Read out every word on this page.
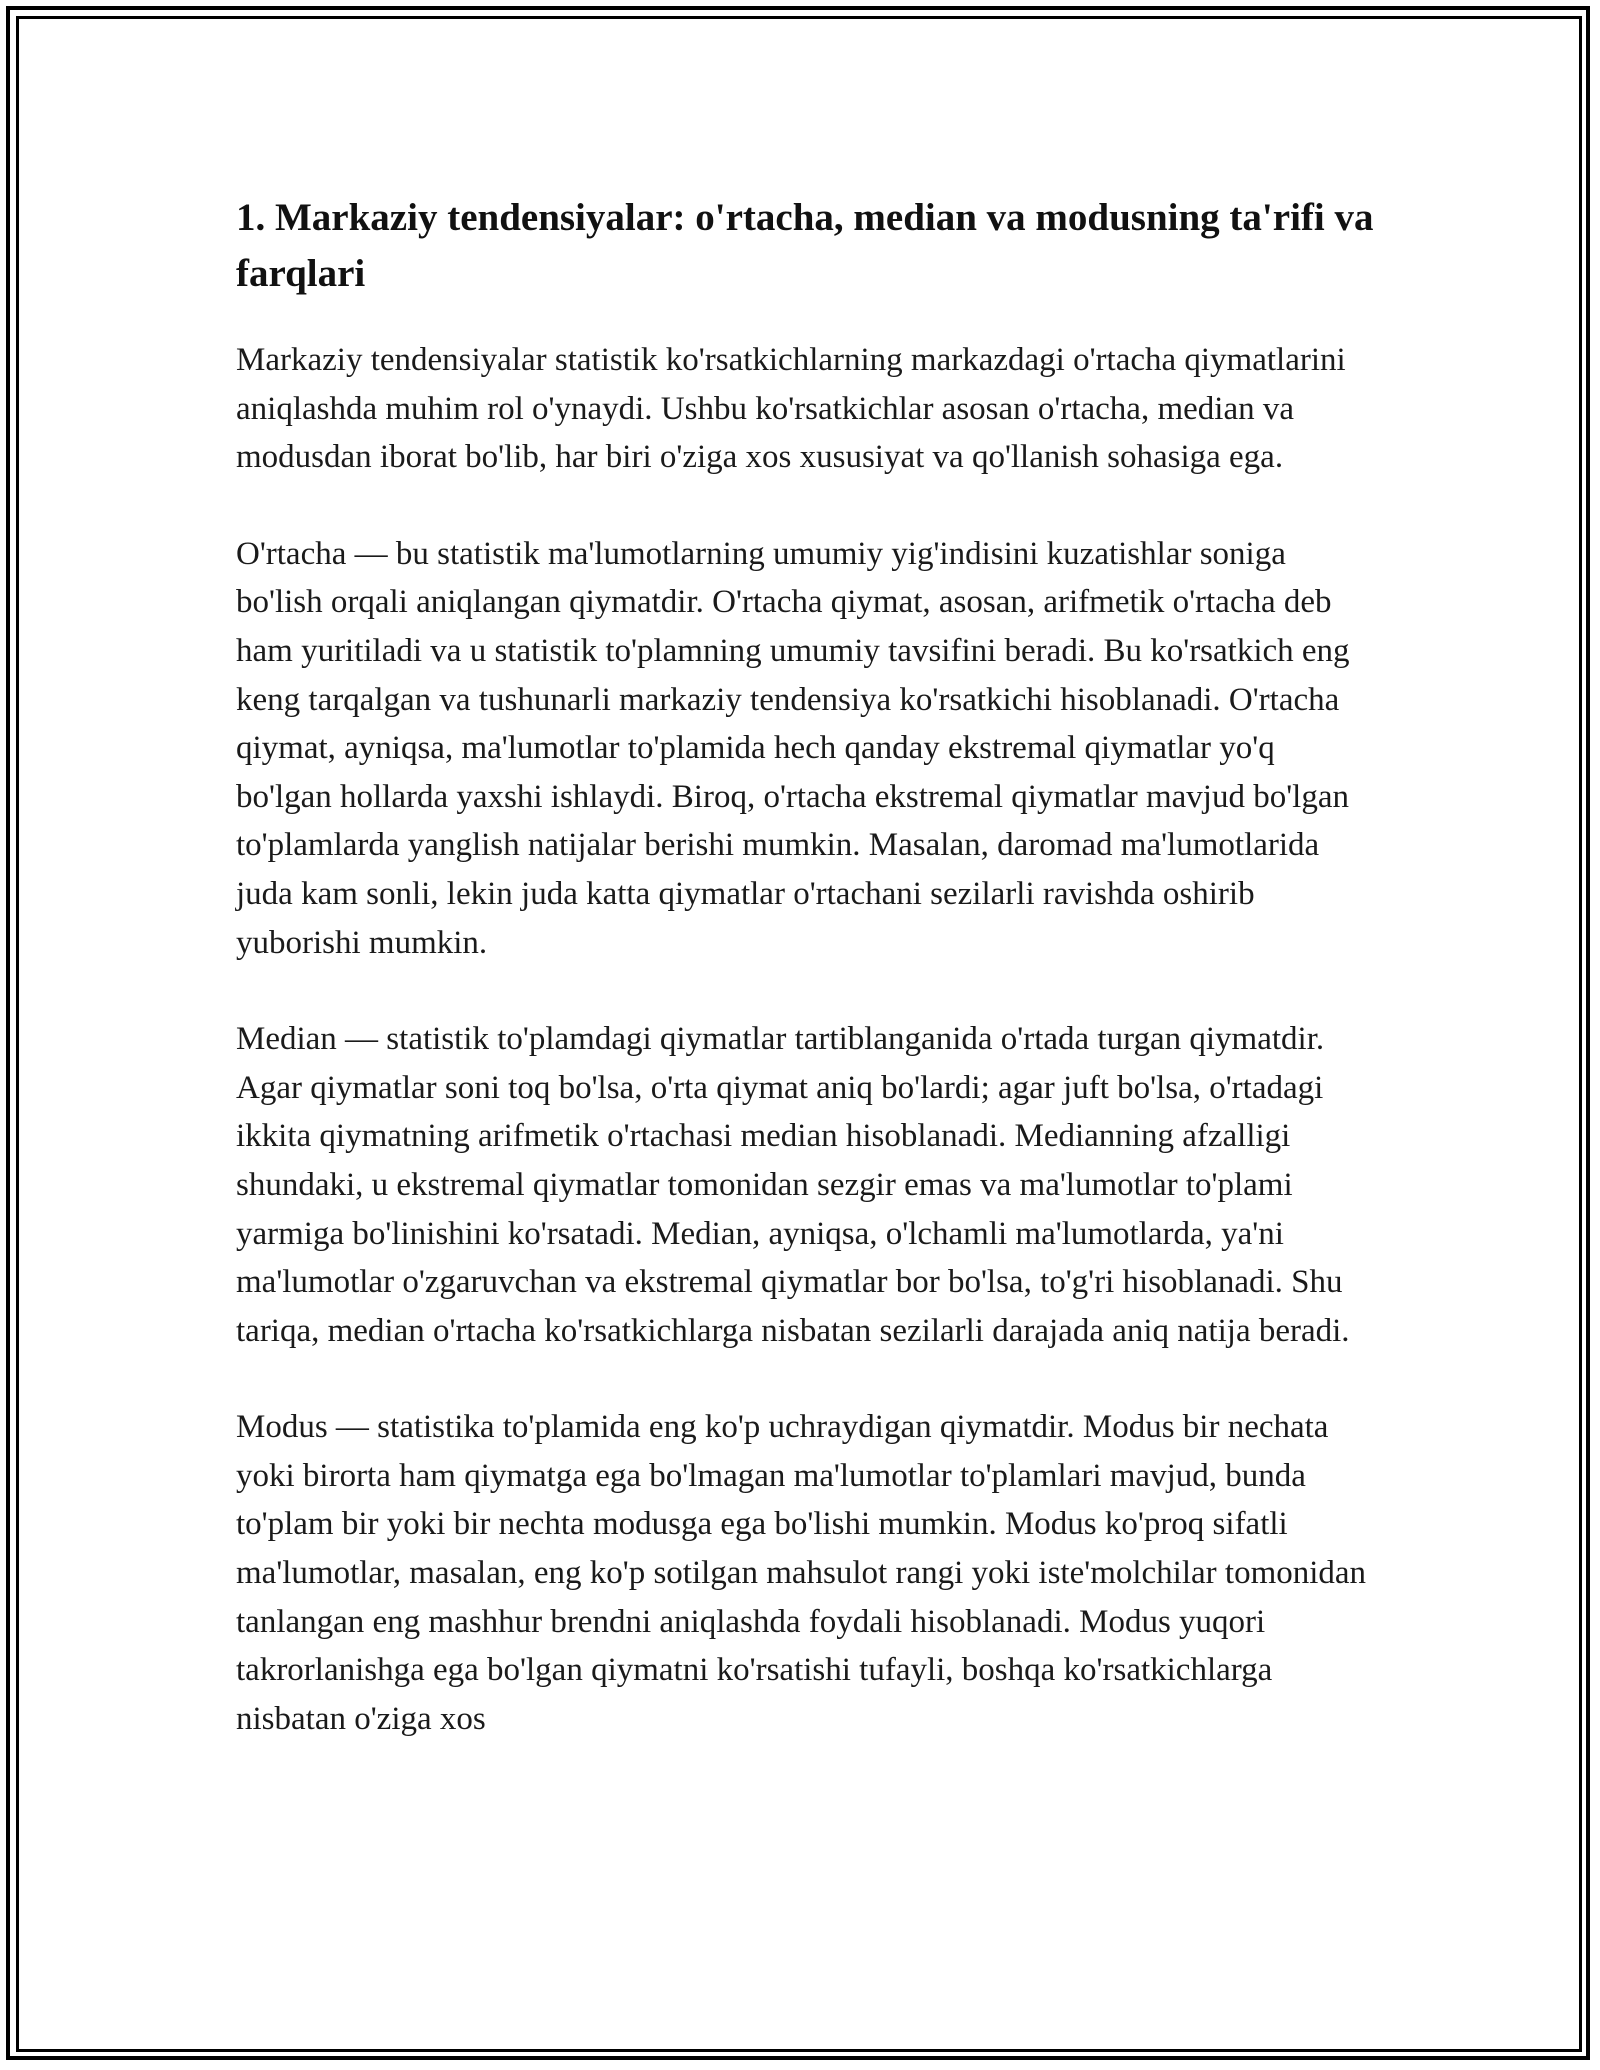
1. Markaziy tendensiyalar: o'rtacha, median va modusning ta'rifi va farqlari

Markaziy tendensiyalar statistik ko'rsatkichlarning markazdagi o'rtacha qiymatlarini aniqlashda muhim rol o'ynaydi. Ushbu ko'rsatkichlar asosan o'rtacha, median va modusdan iborat bo'lib, har biri o'ziga xos xususiyat va qo'llanish sohasiga ega.

O'rtacha — bu statistik ma'lumotlarning umumiy yig'indisini kuzatishlar soniga bo'lish orqali aniqlangan qiymatdir. O'rtacha qiymat, asosan, arifmetik o'rtacha deb ham yuritiladi va u statistik to'plamning umumiy tavsifini beradi. Bu ko'rsatkich eng keng tarqalgan va tushunarli markaziy tendensiya ko'rsatkichi hisoblanadi. O'rtacha qiymat, ayniqsa, ma'lumotlar to'plamida hech qanday ekstremal qiymatlar yo'q bo'lgan hollarda yaxshi ishlaydi. Biroq, o'rtacha ekstremal qiymatlar mavjud bo'lgan to'plamlarda yanglish natijalar berishi mumkin. Masalan, daromad ma'lumotlarida juda kam sonli, lekin juda katta qiymatlar o'rtachani sezilarli ravishda oshirib yuborishi mumkin.

Median — statistik to'plamdagi qiymatlar tartiblanganida o'rtada turgan qiymatdir. Agar qiymatlar soni toq bo'lsa, o'rta qiymat aniq bo'lardi; agar juft bo'lsa, o'rtadagi ikkita qiymatning arifmetik o'rtachasi median hisoblanadi. Medianning afzalligi shundaki, u ekstremal qiymatlar tomonidan sezgir emas va ma'lumotlar to'plami yarmiga bo'linishini ko'rsatadi. Median, ayniqsa, o'lchamli ma'lumotlarda, ya'ni ma'lumotlar o'zgaruvchan va ekstremal qiymatlar bor bo'lsa, to'g'ri hisoblanadi. Shu tariqa, median o'rtacha ko'rsatkichlarga nisbatan sezilarli darajada aniq natija beradi.

Modus — statistika to'plamida eng ko'p uchraydigan qiymatdir. Modus bir nechata yoki birorta ham qiymatga ega bo'lmagan ma'lumotlar to'plamlari mavjud, bunda to'plam bir yoki bir nechta modusga ega bo'lishi mumkin. Modus ko'proq sifatli ma'lumotlar, masalan, eng ko'p sotilgan mahsulot rangi yoki iste'molchilar tomonidan tanlangan eng mashhur brendni aniqlashda foydali hisoblanadi. Modus yuqori takrorlanishga ega bo'lgan qiymatni ko'rsatishi tufayli, boshqa ko'rsatkichlarga nisbatan o'ziga xos
